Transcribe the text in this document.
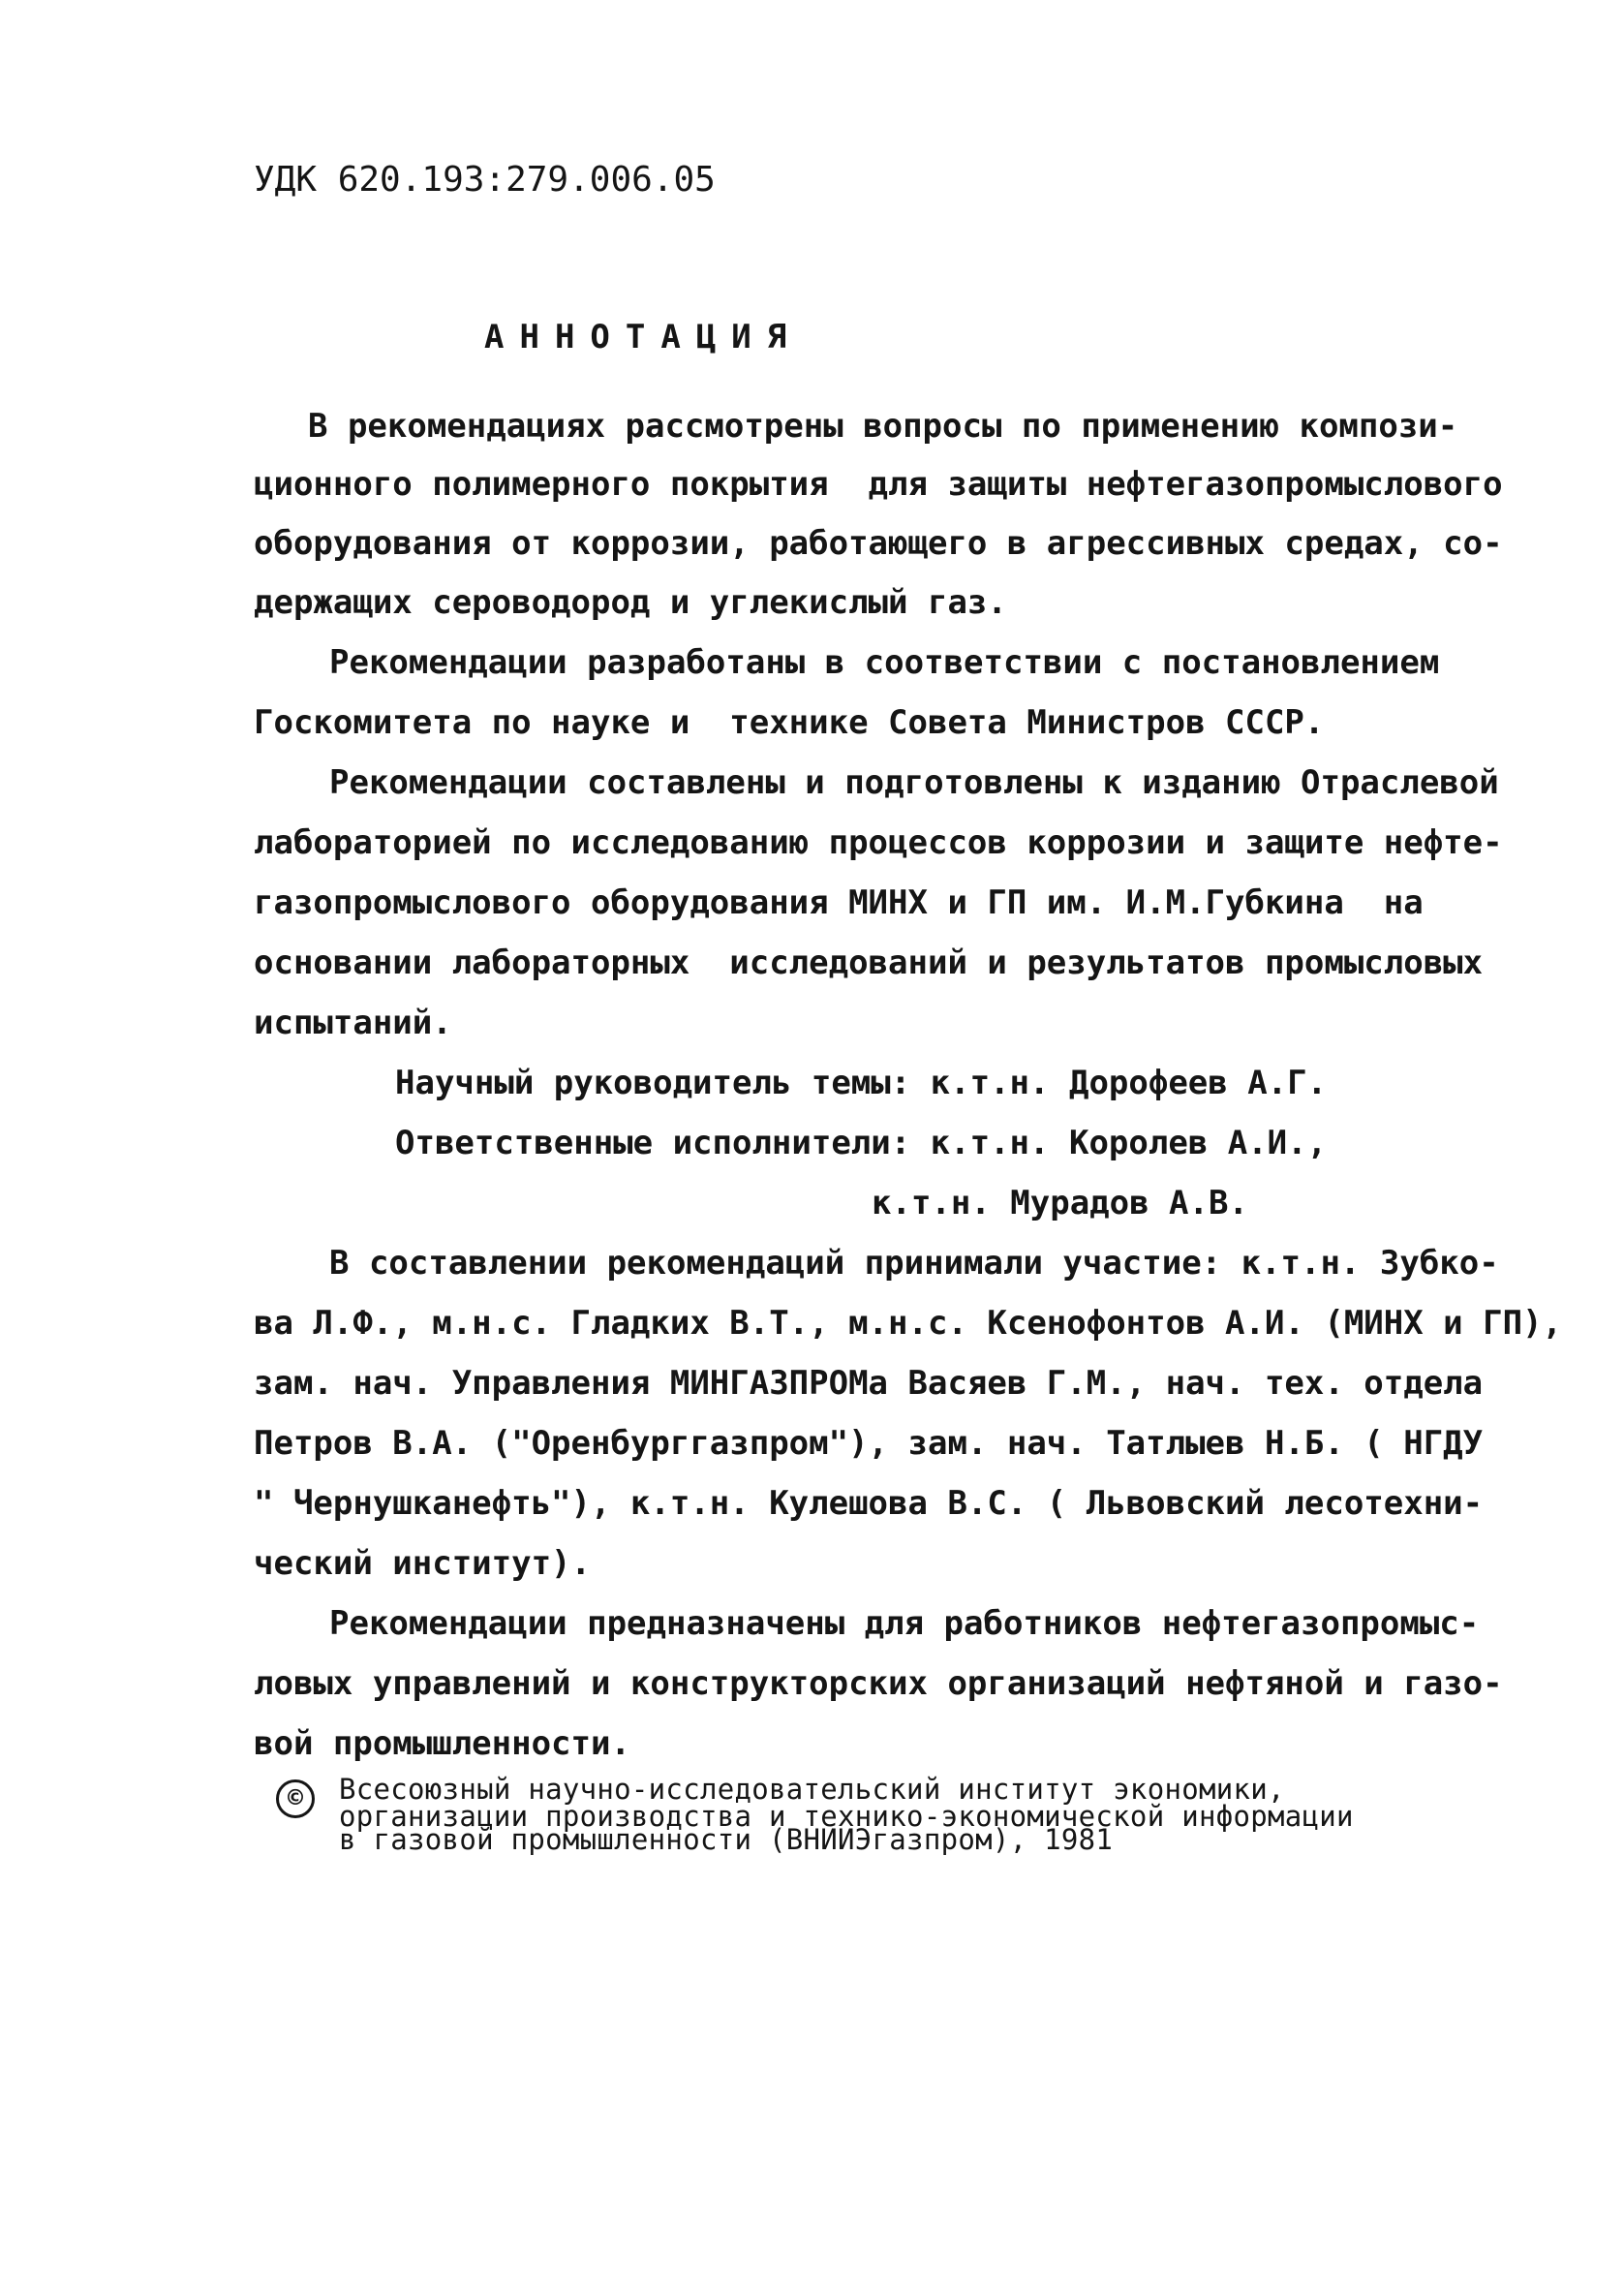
УДК 620.193:279.006.05
АННОТАЦИЯ
В рекомендациях рассмотрены вопросы по применению компози-
ционного полимерного покрытия  для защиты нефтегазопромыслового
оборудования от коррозии, работающего в агрессивных средах, со-
держащих сероводород и углекислый газ.
Рекомендации разработаны в соответствии с постановлением
Госкомитета по науке и  технике Совета Министров СССР.
Рекомендации составлены и подготовлены к изданию Отраслевой
лабораторией по исследованию процессов коррозии и защите нефте-
газопромыслового оборудования МИНХ и ГП им. И.М.Губкина  на
основании лабораторных  исследований и результатов промысловых
испытаний.
Научный руководитель темы: к.т.н. Дорофеев А.Г.
Ответственные исполнители: к.т.н. Королев А.И.,
к.т.н. Мурадов А.В.
В составлении рекомендаций принимали участие: к.т.н. Зубко-
ва Л.Ф., м.н.с. Гладких В.Т., м.н.с. Ксенофонтов А.И. (МИНХ и ГП),
зам. нач. Управления МИНГАЗПРОМа Васяев Г.М., нач. тех. отдела
Петров В.А. ("Оренбурггазпром"), зам. нач. Татлыев Н.Б. ( НГДУ
" Чернушканефть"), к.т.н. Кулешова В.С. ( Львовский лесотехни-
ческий институт).
Рекомендации предназначены для работников нефтегазопромыс-
ловых управлений и конструкторских организаций нефтяной и газо-
вой промышленности.
©	Всесоюзный научно-исследовательский институт экономики,
организации производства и технико-экономической информации
в газовой промышленности (ВНИИЭгазпром), 1981
